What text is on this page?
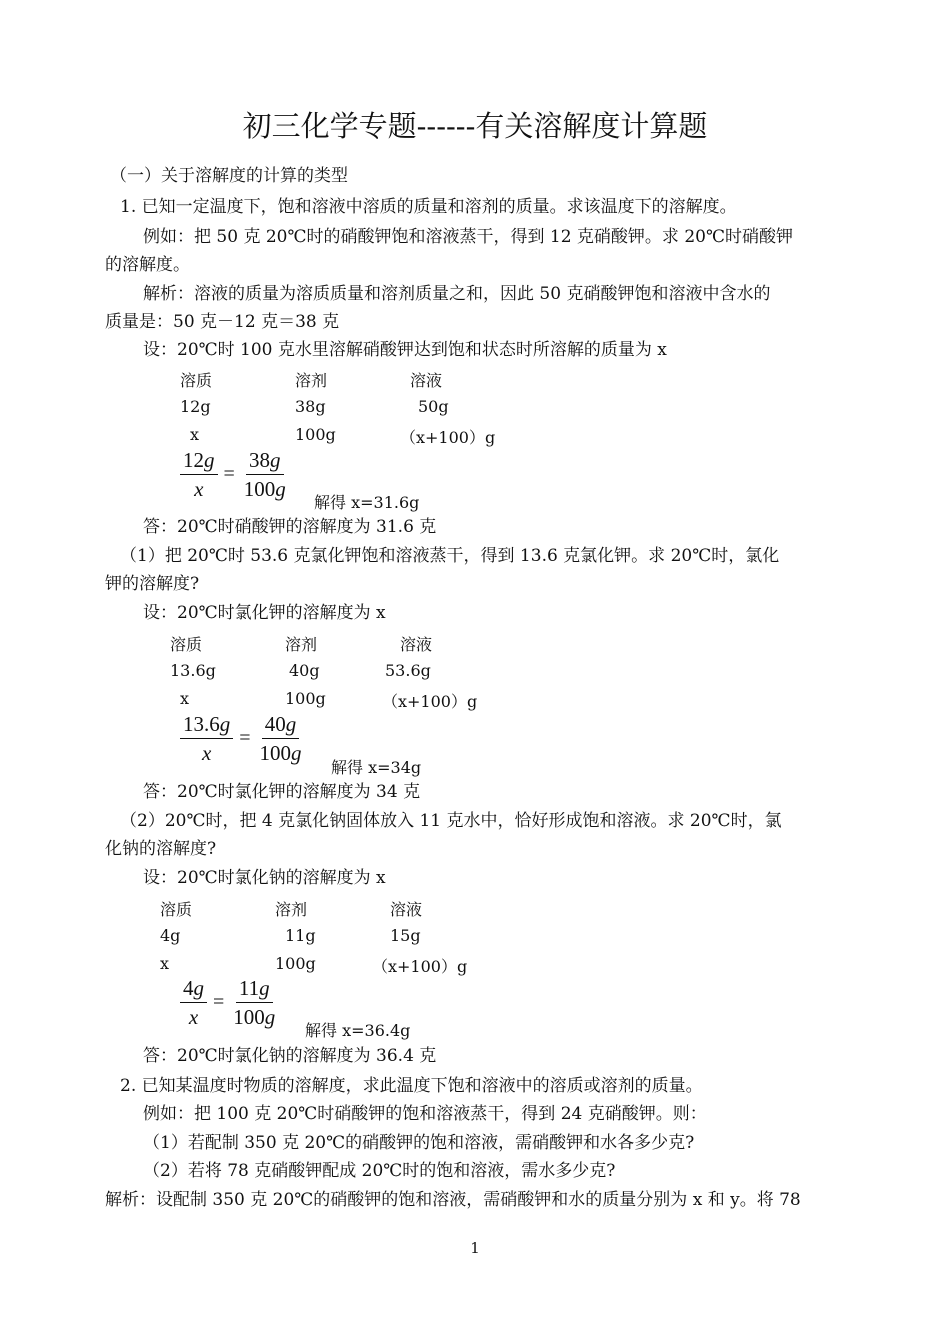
初三化学专题------有关溶解度计算题
（一）关于溶解度的计算的类型
1. 已知一定温度下，饱和溶液中溶质的质量和溶剂的质量。求该温度下的溶解度。
例如：把 50 克 20℃时的硝酸钾饱和溶液蒸干，得到 12 克硝酸钾。求 20℃时硝酸钾
的溶解度。
解析：溶液的质量为溶质质量和溶剂质量之和，因此 50 克硝酸钾饱和溶液中含水的
质量是：50 克－12 克＝38 克
设：20℃时 100 克水里溶解硝酸钾达到饱和状态时所溶解的质量为 x
溶质	溶剂	溶液
12g	38g	50g
x	100g	（x+100）g
$\frac{12g}{x} = \frac{38g}{100g}$
解得 x=31.6g
答：20℃时硝酸钾的溶解度为 31.6 克
（1）把 20℃时 53.6 克氯化钾饱和溶液蒸干，得到 13.6 克氯化钾。求 20℃时，氯化
钾的溶解度?
设：20℃时氯化钾的溶解度为 x
溶质	溶剂	溶液
13.6g	40g	53.6g
x	100g	（x+100）g
$\frac{13.6g}{x} = \frac{40g}{100g}$
解得 x=34g
答：20℃时氯化钾的溶解度为 34 克
（2）20℃时，把 4 克氯化钠固体放入 11 克水中，恰好形成饱和溶液。求 20℃时，氯
化钠的溶解度?
设：20℃时氯化钠的溶解度为 x
溶质	溶剂	溶液
4g	11g	15g
x	100g	（x+100）g
$\frac{4g}{x} = \frac{11g}{100g}$
解得 x=36.4g
答：20℃时氯化钠的溶解度为 36.4 克
2. 已知某温度时物质的溶解度，求此温度下饱和溶液中的溶质或溶剂的质量。
例如：把 100 克 20℃时硝酸钾的饱和溶液蒸干，得到 24 克硝酸钾。则：
（1）若配制 350 克 20℃的硝酸钾的饱和溶液，需硝酸钾和水各多少克?
（2）若将 78 克硝酸钾配成 20℃时的饱和溶液，需水多少克?
解析：设配制 350 克 20℃的硝酸钾的饱和溶液，需硝酸钾和水的质量分别为 x 和 y。将 78
1
